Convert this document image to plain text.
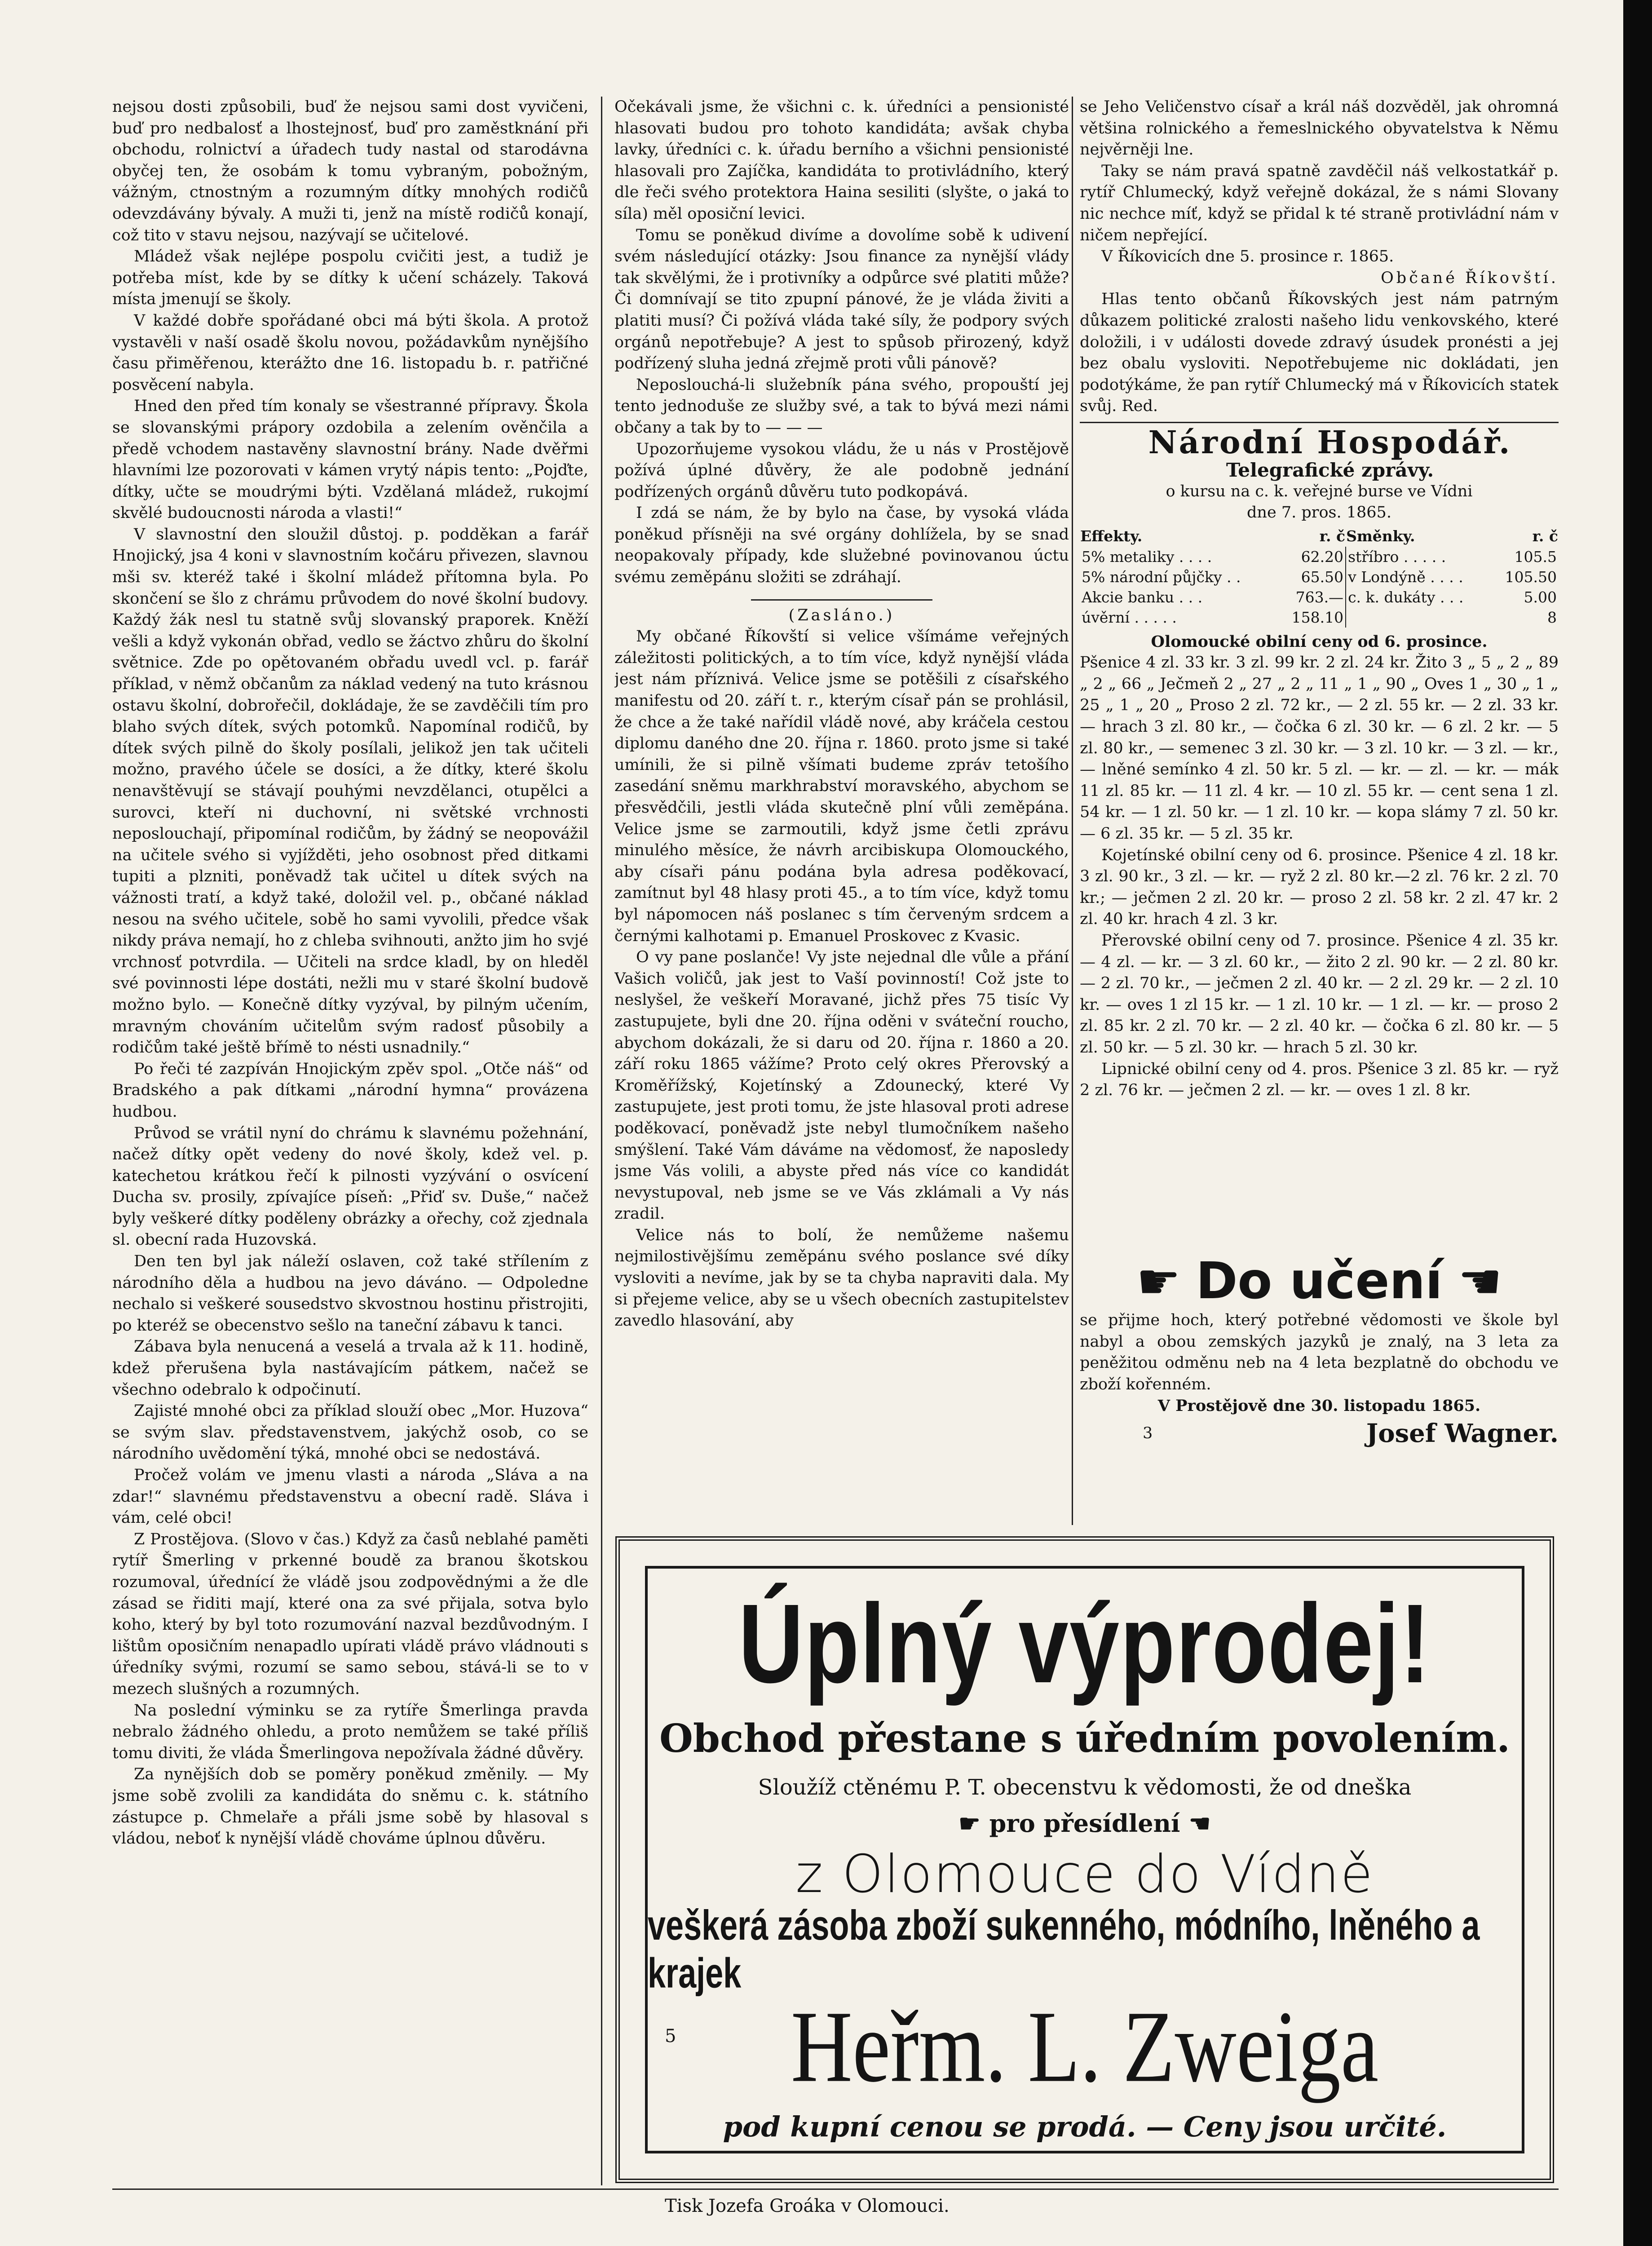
nejsou dosti způsobili, buď že nejsou sami dost vyvičeni, buď pro nedbalosť a lhostejnosť, buď pro zaměstknání při obchodu, rolnictví a úřadech tudy nastal od starodávna obyčej ten, že osobám k tomu vybraným, pobožným, vážným, ctnostným a rozumným dítky mnohých rodičů odevzdávány bývaly. A muži ti, jenž na místě rodičů konají, což tito v stavu nejsou, nazývají se učitelové.

Mládež však nejlépe pospolu cvičiti jest, a tudiž je potřeba míst, kde by se dítky k učení scházely. Taková místa jmenují se školy.

V každé dobře spořádané obci má býti škola. A protož vystavěli v naší osadě školu novou, požádavkům nynějšího času přiměřenou, kterážto dne 16. listopadu b. r. patřičné posvěcení nabyla.

Hned den před tím konaly se všestranné přípravy. Škola se slovanskými prápory ozdobila a zelením ověnčila a předě vchodem nastavěny slavnostní brány. Nade dvěřmi hlavními lze pozorovati v kámen vrytý nápis tento: „Pojďte, dítky, učte se moudrými býti. Vzdělaná mládež, rukojmí skvělé budoucnosti národa a vlasti!“

V slavnostní den sloužil důstoj. p. podděkan a farář Hnojický, jsa 4 koni v slavnostním kočáru přivezen, slavnou mši sv. kteréž také i školní mládež přítomna byla. Po skončení se šlo z chrámu průvodem do nové školní budovy. Každý žák nesl tu statně svůj slovanský praporek. Kněží vešli a když vykonán obřad, vedlo se žáctvo zhůru do školní světnice. Zde po opětovaném obřadu uvedl vcl. p. farář příklad, v němž občanům za náklad vedený na tuto krásnou ostavu školní, dobrořečil, dokládaje, že se zavděčili tím pro blaho svých dítek, svých potomků. Napomínal rodičů, by dítek svých pilně do školy posílali, jelikož jen tak učiteli možno, pravého účele se dosíci, a že dítky, které školu nenavštěvují se stávají pouhými nevzdělanci, otupělci a surovci, kteří ni duchovní, ni světské vrchnosti neposlouchají, připomínal rodičům, by žádný se neopovážil na učitele svého si vyjížděti, jeho osobnost před ditkami tupiti a plzniti, poněvadž tak učitel u dítek svých na vážnosti tratí, a když také, doložil vel. p., občané náklad nesou na svého učitele, sobě ho sami vyvolili, předce však nikdy práva nemají, ho z chleba svihnouti, anžto jim ho svjé vrchnosť potvrdila. — Učiteli na srdce kladl, by on hleděl své povinnosti lépe dostáti, nežli mu v staré školní budově možno bylo. — Konečně dítky vyzýval, by pilným učením, mravným chováním učitelům svým radosť působily a rodičům také ještě břímě to nésti usnadnily.“

Po řeči té zazpíván Hnojickým zpěv spol. „Otče náš“ od Bradského a pak dítkami „národní hymna“ provázena hudbou.

Průvod se vrátil nyní do chrámu k slavnému požehnání, načež dítky opět vedeny do nové školy, kdež vel. p. katechetou krátkou řečí k pilnosti vyzývání o osvícení Ducha sv. prosily, zpívajíce píseň: „Přiď sv. Duše,“ načež byly veškeré dítky poděleny obrázky a ořechy, což zjednala sl. obecní rada Huzovská.

Den ten byl jak náleží oslaven, což také střílením z národního děla a hudbou na jevo dáváno. — Odpoledne nechalo si veškeré sousedstvo skvostnou hostinu přistrojiti, po kteréž se obecenstvo sešlo na taneční zábavu k tanci.

Zábava byla nenucená a veselá a trvala až k 11. hodině, kdež přerušena byla nastávajícím pátkem, načež se všechno odebralo k odpočinutí.

Zajisté mnohé obci za příklad slouží obec „Mor. Huzova“ se svým slav. představenstvem, jakýchž osob, co se národního uvědomění týká, mnohé obci se nedostává.

Pročež volám ve jmenu vlasti a národa „Sláva a na zdar!“ slavnému představenstvu a obecní radě. Sláva i vám, celé obci!

Z Prostějova. (Slovo v čas.) Když za časů neblahé paměti rytíř Šmerling v prkenné boudě za branou škotskou rozumoval, úřednící že vládě jsou zodpovědnými a že dle zásad se řiditi mají, které ona za své přijala, sotva bylo koho, který by byl toto rozumování nazval bezdůvodným. I lištům oposičním nenapadlo upírati vládě právo vládnouti s úředníky svými, rozumí se samo sebou, stává-li se to v mezech slušných a rozumných.

Na poslední výminku se za rytíře Šmerlinga pravda nebralo žádného ohledu, a proto nemůžem se také příliš tomu diviti, že vláda Šmerlingova nepožívala žádné důvěry.

Za nynějších dob se poměry poněkud změnily. — My jsme sobě zvolili za kandidáta do sněmu c. k. státního zástupce p. Chmelaře a přáli jsme sobě by hlasoval s vládou, neboť k nynější vládě chováme úplnou důvěru.

Očekávali jsme, že všichni c. k. úředníci a pensionisté hlasovati budou pro tohoto kandidáta; avšak chyba lavky, úředníci c. k. úřadu berního a všichni pensionisté hlasovali pro Zajíčka, kandidáta to protivládního, který dle řeči svého protektora Haina sesiliti (slyšte, o jaká to síla) měl oposiční levici.

Tomu se poněkud divíme a dovolíme sobě k udivení svém následující otázky: Jsou finance za nynější vlády tak skvělými, že i protivníky a odpůrce své platiti může? Či domnívají se tito zpupní pánové, že je vláda živiti a platiti musí? Či požívá vláda také síly, že podpory svých orgánů nepotřebuje? A jest to spůsob přirozený, když podřízený sluha jedná zřejmě proti vůli pánově?

Neposlouchá-li služebník pána svého, propouští jej tento jednoduše ze služby své, a tak to bývá mezi námi občany a tak by to — — —

Upozorňujeme vysokou vládu, že u nás v Prostějově požívá úplné důvěry, že ale podobně jednání podřízených orgánů důvěru tuto podkopává.

I zdá se nám, že by bylo na čase, by vysoká vláda poněkud přísněji na své orgány dohlížela, by se snad neopakovaly případy, kde služebné povinovanou úctu svému zeměpánu složiti se zdráhají.

(Zasláno.)

My občané Říkovští si velice všímáme veřejných záležitosti politických, a to tím více, když nynější vláda jest nám příznivá. Velice jsme se potěšili z císařského manifestu od 20. září t. r., kterým císař pán se prohlásil, že chce a že také nařídil vládě nové, aby kráčela cestou diplomu daného dne 20. října r. 1860. proto jsme si také umínili, že si pilně všímati budeme zpráv tetošího zasedání sněmu markhrabství moravského, abychom se přesvědčili, jestli vláda skutečně plní vůli zeměpána. Velice jsme se zarmoutili, když jsme četli zprávu minulého měsíce, že návrh arcibiskupa Olomouckého, aby císaři pánu podána byla adresa poděkovací, zamítnut byl 48 hlasy proti 45., a to tím více, když tomu byl nápomocen náš poslanec s tím červeným srdcem a černými kalhotami p. Emanuel Proskovec z Kvasic.

O vy pane poslanče! Vy jste nejednal dle vůle a přání Vašich voličů, jak jest to Vaší povinností! Což jste to neslyšel, že veškeří Moravané, jichž přes 75 tisíc Vy zastupujete, byli dne 20. října oděni v sváteční roucho, abychom dokázali, že si daru od 20. října r. 1860 a 20. září roku 1865 vážíme? Proto celý okres Přerovský a Kroměřížský, Kojetínský a Zdounecký, které Vy zastupujete, jest proti tomu, že jste hlasoval proti adrese poděkovací, poněvadž jste nebyl tlumočníkem našeho smýšlení. Také Vám dáváme na vědomosť, že naposledy jsme Vás volili, a abyste před nás více co kandidát nevystupoval, neb jsme se ve Vás zklámali a Vy nás zradil.

Velice nás to bolí, že nemůžeme našemu nejmilostivějšímu zeměpánu svého poslance své díky vysloviti a nevíme, jak by se ta chyba napraviti dala. My si přejeme velice, aby se u všech obecních zastupitelstev zavedlo hlasování, aby

se Jeho Veličenstvo císař a král náš dozvěděl, jak ohromná většina rolnického a řemeslnického obyvatelstva k Němu nejvěrněji lne.

Taky se nám pravá spatně zavděčil náš velkostatkář p. rytíř Chlumecký, když veřejně dokázal, že s námi Slovany nic nechce míť, když se přidal k té straně protivládní nám v ničem nepřející.

V Říkovicích dne 5. prosince r. 1865.

Občané Říkovští.

Hlas tento občanů Říkovských jest nám patrným důkazem politické zralosti našeho lidu venkovského, které doložili, i v události dovede zdravý úsudek pronésti a jej bez obalu vysloviti. Nepotřebujeme nic dokládati, jen podotýkáme, že pan rytíř Chlumecký má v Říkovicích statek svůj. Red.

Národní Hospodář.

Telegrafické zprávy.

o kursu na c. k. veřejné burse ve Vídni

dne 7. pros. 1865.

Effekty.	r. č	Směnky.	r. č
5% metaliky . . . .	62.20	stříbro . . . . .	105.5
5% národní půjčky . .	65.50	v Londýně . . . .	105.50
Akcie banku . . .	763.—	c. k. dukáty . . .	5.00
úvěrní . . . . .	158.10		8

Olomoucké obilní ceny od 6. prosince.

Pšenice 4 zl. 33 kr. 3 zl. 99 kr. 2 zl. 24 kr. Žito 3 „ 5 „ 2 „ 89 „ 2 „ 66 „ Ječmeň 2 „ 27 „ 2 „ 11 „ 1 „ 90 „ Oves 1 „ 30 „ 1 „ 25 „ 1 „ 20 „ Proso 2 zl. 72 kr., — 2 zl. 55 kr. — 2 zl. 33 kr. — hrach 3 zl. 80 kr., — čočka 6 zl. 30 kr. — 6 zl. 2 kr. — 5 zl. 80 kr., — semenec 3 zl. 30 kr. — 3 zl. 10 kr. — 3 zl. — kr., — lněné semínko 4 zl. 50 kr. 5 zl. — kr. — zl. — kr. — mák 11 zl. 85 kr. — 11 zl. 4 kr. — 10 zl. 55 kr. — cent sena 1 zl. 54 kr. — 1 zl. 50 kr. — 1 zl. 10 kr. — kopa slámy 7 zl. 50 kr. — 6 zl. 35 kr. — 5 zl. 35 kr.

Kojetínské obilní ceny od 6. prosince. Pšenice 4 zl. 18 kr. 3 zl. 90 kr., 3 zl. — kr. — ryž 2 zl. 80 kr.—2 zl. 76 kr. 2 zl. 70 kr.; — ječmen 2 zl. 20 kr. — proso 2 zl. 58 kr. 2 zl. 47 kr. 2 zl. 40 kr. hrach 4 zl. 3 kr.

Přerovské obilní ceny od 7. prosince. Pšenice 4 zl. 35 kr. — 4 zl. — kr. — 3 zl. 60 kr., — žito 2 zl. 90 kr. — 2 zl. 80 kr. — 2 zl. 70 kr., — ječmen 2 zl. 40 kr. — 2 zl. 29 kr. — 2 zl. 10 kr. — oves 1 zl 15 kr. — 1 zl. 10 kr. — 1 zl. — kr. — proso 2 zl. 85 kr. 2 zl. 70 kr. — 2 zl. 40 kr. — čočka 6 zl. 80 kr. — 5 zl. 50 kr. — 5 zl. 30 kr. — hrach 5 zl. 30 kr.

Lipnické obilní ceny od 4. pros. Pšenice 3 zl. 85 kr. — ryž 2 zl. 76 kr. — ječmen 2 zl. — kr. — oves 1 zl. 8 kr.

☛ Do učení ☛

se přijme hoch, který potřebné vědomosti ve škole byl nabyl a obou zemských jazyků je znalý, na 3 leta za peněžitou odměnu neb na 4 leta bezplatně do obchodu ve zboží kořenném.

V Prostějově dne 30. listopadu 1865.

3	Josef Wagner.
Úplný výprodej!
Obchod přestane s úředním povolením.
Sloužíž ctěnému P. T. obecenstvu k vědomosti, že od dneška
☛ pro přesídlení ☛
z Olomouce do Vídně
veškerá zásoba zboží sukenného, módního, lněného a krajek
Heřm. L. Zweiga
pod kupní cenou se prodá. — Ceny jsou určité.
5
Tisk Jozefa Groáka v Olomouci.
